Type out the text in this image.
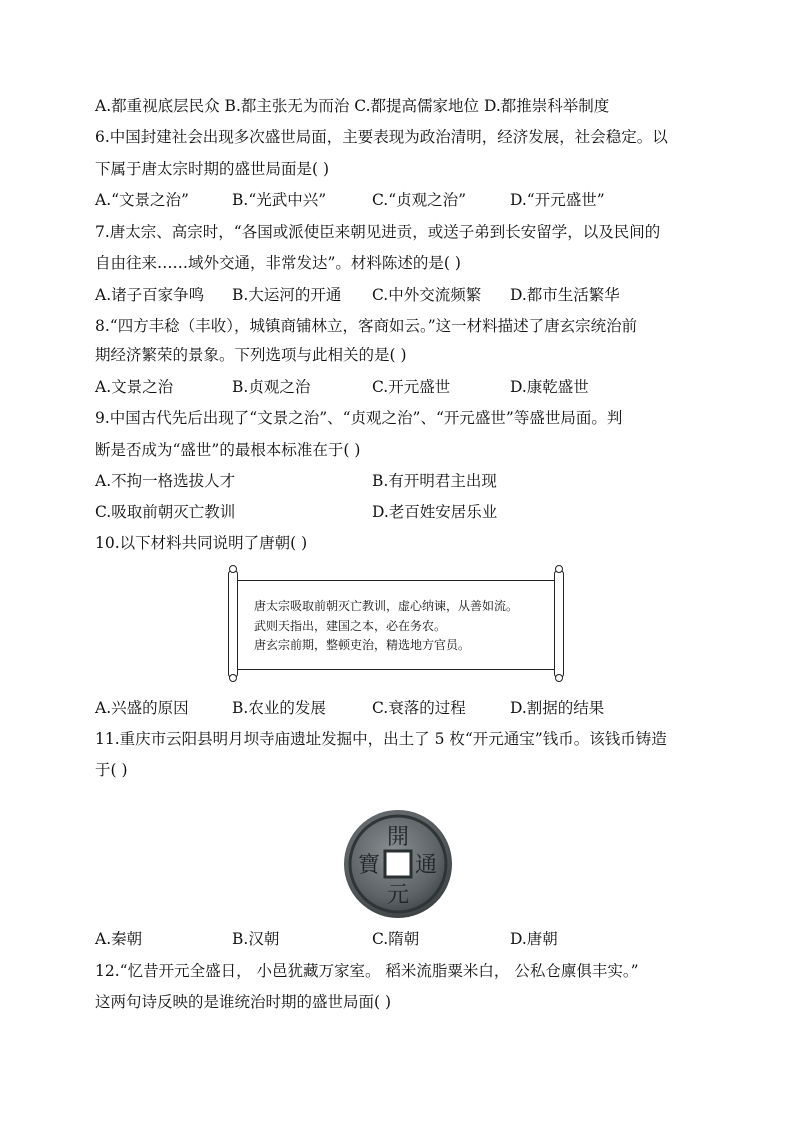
A.都重视底层民众 B.都主张无为而治 C.都提高儒家地位 D.都推崇科举制度
6.中国封建社会出现多次盛世局面，主要表现为政治清明，经济发展，社会稳定。以
下属于唐太宗时期的盛世局面是( )
A.“文景之治”	B.“光武中兴”	C.“贞观之治”	D.“开元盛世”
7.唐太宗、高宗时，“各国或派使臣来朝见进贡，或送子弟到长安留学，以及民间的
自由往来……域外交通，非常发达”。材料陈述的是( )
A.诸子百家争鸣 B.大运河的开通 C.中外交流频繁 D.都市生活繁华
8.“四方丰稔（丰收），城镇商铺林立，客商如云。”这一材料描述了唐玄宗统治前
期经济繁荣的景象。下列选项与此相关的是( )
A.文景之治	B.贞观之治	C.开元盛世	D.康乾盛世
9.中国古代先后出现了“文景之治”、“贞观之治”、“开元盛世”等盛世局面。判
断是否成为“盛世”的最根本标准在于( )
A.不拘一格选拔人才	B.有开明君主出现
C.吸取前朝灭亡教训	D.老百姓安居乐业
10.以下材料共同说明了唐朝( )
唐太宗吸取前朝灭亡教训，虚心纳谏，从善如流。
武则天指出，建国之本，必在务农。
唐玄宗前期，整顿吏治，精选地方官员。
A.兴盛的原因	B.农业的发展	C.衰落的过程	D.割据的结果
11.重庆市云阳县明月坝寺庙遗址发掘中，出土了 5 枚“开元通宝”钱币。该钱币铸造
于( )
開
通
元
寶
A.秦朝	B.汉朝	C.隋朝	D.唐朝
12.“忆昔开元全盛日， 小邑犹藏万家室。 稻米流脂粟米白， 公私仓廪俱丰实。”
这两句诗反映的是谁统治时期的盛世局面( )
